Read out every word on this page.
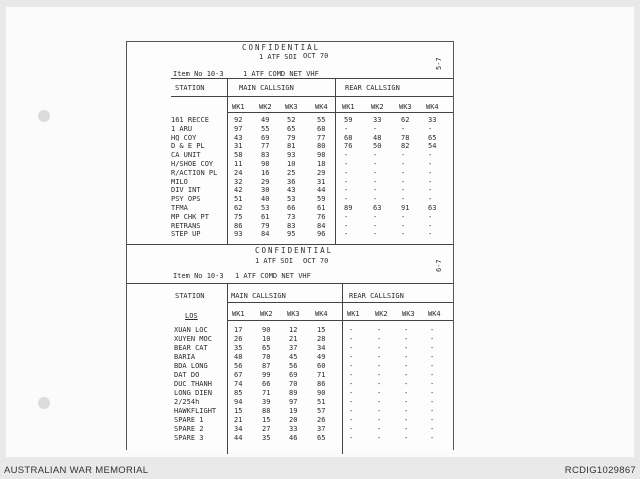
CONFIDENTIAL
1 ATF SOI OCT 70
Item No 10-3	1 ATF COMD NET VHF
5-7
STATION	MAIN CALLSIGN	REAR CALLSIGN
WK1 WK2 WK3 WK4 WK1 WK2 WK3 WK4
161 RECCE	92	49	52	55	59	33	62	33
1 ARU	97	55	65	68	-	-	-	-
HQ COY	43	69	79	77	68	48	78	65
D & E PL	31	77	81	80	76	50	82	54
CA UNIT	58	83	93	98	-	-	-	-
H/SHOE COY	11	98	10	18	-	-	-	-
R/ACTION PL 24	16	25	29	-	-	-	-
MILO	32	29	36	31	-	-	-	-
DIV INT	42	30	43	44	-	-	-	-
PSY OPS	51	40	53	59	-	-	-	-
TFMA	62	53	66	61	89	63	91	63
MP CHK PT	75	61	73	76	-	-	-	-
RETRANS	86	79	83	84	-	-	-	-
STEP UP	93	84	95	96	-	-	-	-
CONFIDENTIAL
1 ATF SOI OCT 70
Item No 10-3 1 ATF COMD NET VHF
6-7
STATION	MAIN CALLSIGN	REAR CALLSIGN
LOS	WK1 WK2 WK3 WK4	WK1 WK2 WK3 WK4
XUAN LOC	17	90	12	15	-	-	-	-
XUYEN MOC	26	10	21	28	-	-	-	-
BEAR CAT	35	65	37	34	-	-	-	-
BARIA	48	70	45	49	-	-	-	-
BDA LONG	56	87	56	60	-	-	-	-
DAT DO	67	99	69	71	-	-	-	-
DUC THANH	74	66	70	86	-	-	-	-
LONG DIEN	85	71	89	90	-	-	-	-
2/254h	94	39	97	51	-	-	-	-
HAWKFLIGHT	15	88	19	57	-	-	-	-
SPARE 1	21	15	20	26	-	-	-	-
SPARE 2	34	27	33	37	-	-	-	-
SPARE 3	44	35	46	65	-	-	-	-
AUSTRALIAN WAR MEMORIAL	RCDIG1029867
